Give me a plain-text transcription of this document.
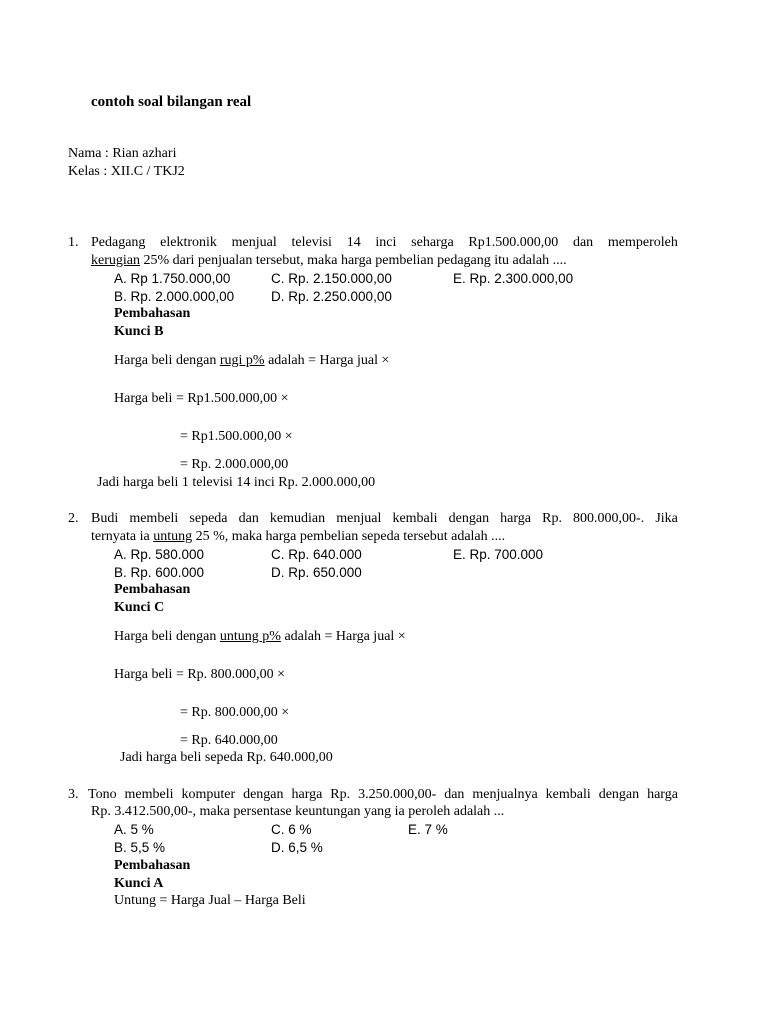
contoh soal bilangan real
Nama : Rian azhari
Kelas : XII.C / TKJ2
1. Pedagang elektronik menjual televisi 14 inci seharga Rp1.500.000,00 dan memperoleh
kerugian 25% dari penjualan tersebut, maka harga pembelian pedagang itu adalah ....
A. Rp 1.750.000,00	C. Rp. 2.150.000,00	E. Rp. 2.300.000,00
B. Rp. 2.000.000,00	D. Rp. 2.250.000,00
Pembahasan
Kunci B
Harga beli dengan rugi p% adalah = Harga jual ×
Harga beli = Rp1.500.000,00 ×
= Rp1.500.000,00 ×
= Rp. 2.000.000,00
Jadi harga beli 1 televisi 14 inci Rp. 2.000.000,00
2. Budi membeli sepeda dan kemudian menjual kembali dengan harga Rp. 800.000,00-. Jika
ternyata ia untung 25 %, maka harga pembelian sepeda tersebut adalah ....
A. Rp. 580.000	C. Rp. 640.000	E. Rp. 700.000
B. Rp. 600.000	D. Rp. 650.000
Pembahasan
Kunci C
Harga beli dengan untung p% adalah = Harga jual ×
Harga beli = Rp. 800.000,00 ×
= Rp. 800.000,00 ×
= Rp. 640.000,00
Jadi harga beli sepeda Rp. 640.000,00
3. Tono membeli komputer dengan harga Rp. 3.250.000,00- dan menjualnya kembali dengan harga
Rp. 3.412.500,00-, maka persentase keuntungan yang ia peroleh adalah ...
A. 5 %	C. 6 %	E. 7 %
B. 5,5 %	D. 6,5 %
Pembahasan
Kunci A
Untung = Harga Jual – Harga Beli
